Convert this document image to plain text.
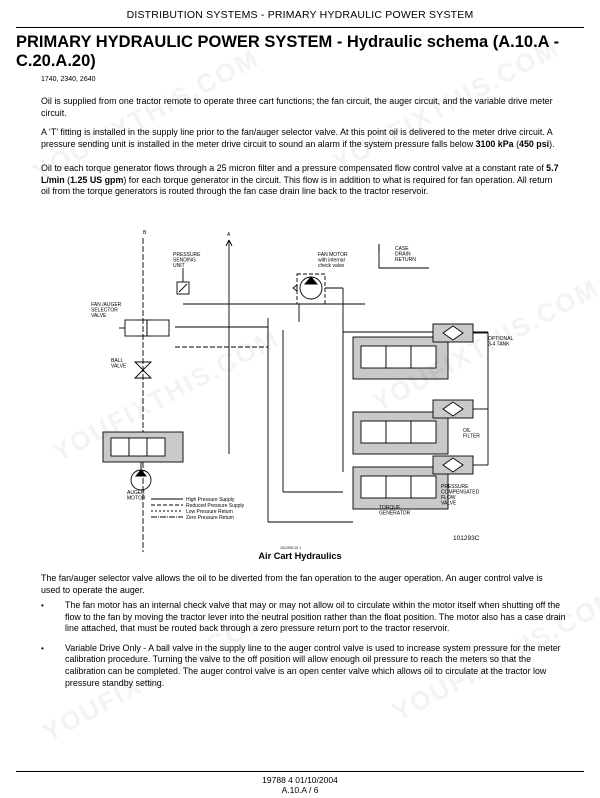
DISTRIBUTION SYSTEMS - PRIMARY HYDRAULIC POWER SYSTEM
PRIMARY HYDRAULIC POWER SYSTEM - Hydraulic schema (A.10.A - C.20.A.20)
1740, 2340, 2640

Oil is supplied from one tractor remote to operate three cart functions; the fan circuit, the auger circuit, and the variable drive meter circuit.

A ‘T’ fitting is installed in the supply line prior to the fan/auger selector valve. At this point oil is delivered to the meter drive circuit. A pressure sending unit is installed in the meter drive circuit to sound an alarm if the system pressure falls below 3100 kPa (450 psi).

Oil to each torque generator flows through a 25 micron filter and a pressure compensated flow control valve at a constant rate of 5.7 L/min (1.25 US gpm) for each torque generator in the circuit. This flow is in addition to what is required for fan operation. All return oil from the torque generators is routed through the fan case drain line back to the tractor reservoir.

B	A
PRESSURE SENDING UNIT
FAN MOTOR with internal check valve
CASE DRAIN RETURN
FAN /AUGER SELECTOR VALVE
BALL VALVE
OPTIONAL 3-4 TANK
OIL FILTER
PRESSURE COMPENSATED FLOW VALVE
TORQUE GENERATOR
AUGER MOTOR	High Pressure Supply
Reduced Pressure Supply
Low Pressure Return
Zero Pressure Return
101293C
101293C10 1
Air Cart Hydraulics

The fan/auger selector valve allows the oil to be diverted from the fan operation to the auger operation. An auger control valve is used to operate the auger.

• The fan motor has an internal check valve that may or may not allow oil to circulate within the motor itself when shutting off the flow to the fan by moving the tractor lever into the neutral position rather than the float position. The motor also has a case drain line attached, that must be routed back through a zero pressure return port to the tractor reservoir.
• Variable Drive Only - A ball valve in the supply line to the auger control valve is used to increase system pressure for the meter calibration procedure. Turning the valve to the off position will allow enough oil pressure to reach the meters so that the calibration can be completed. The auger control valve is an open center valve which allows oil to circulate at the tractor low pressure standby setting.
19788 4 01/10/2004
A.10.A / 6
